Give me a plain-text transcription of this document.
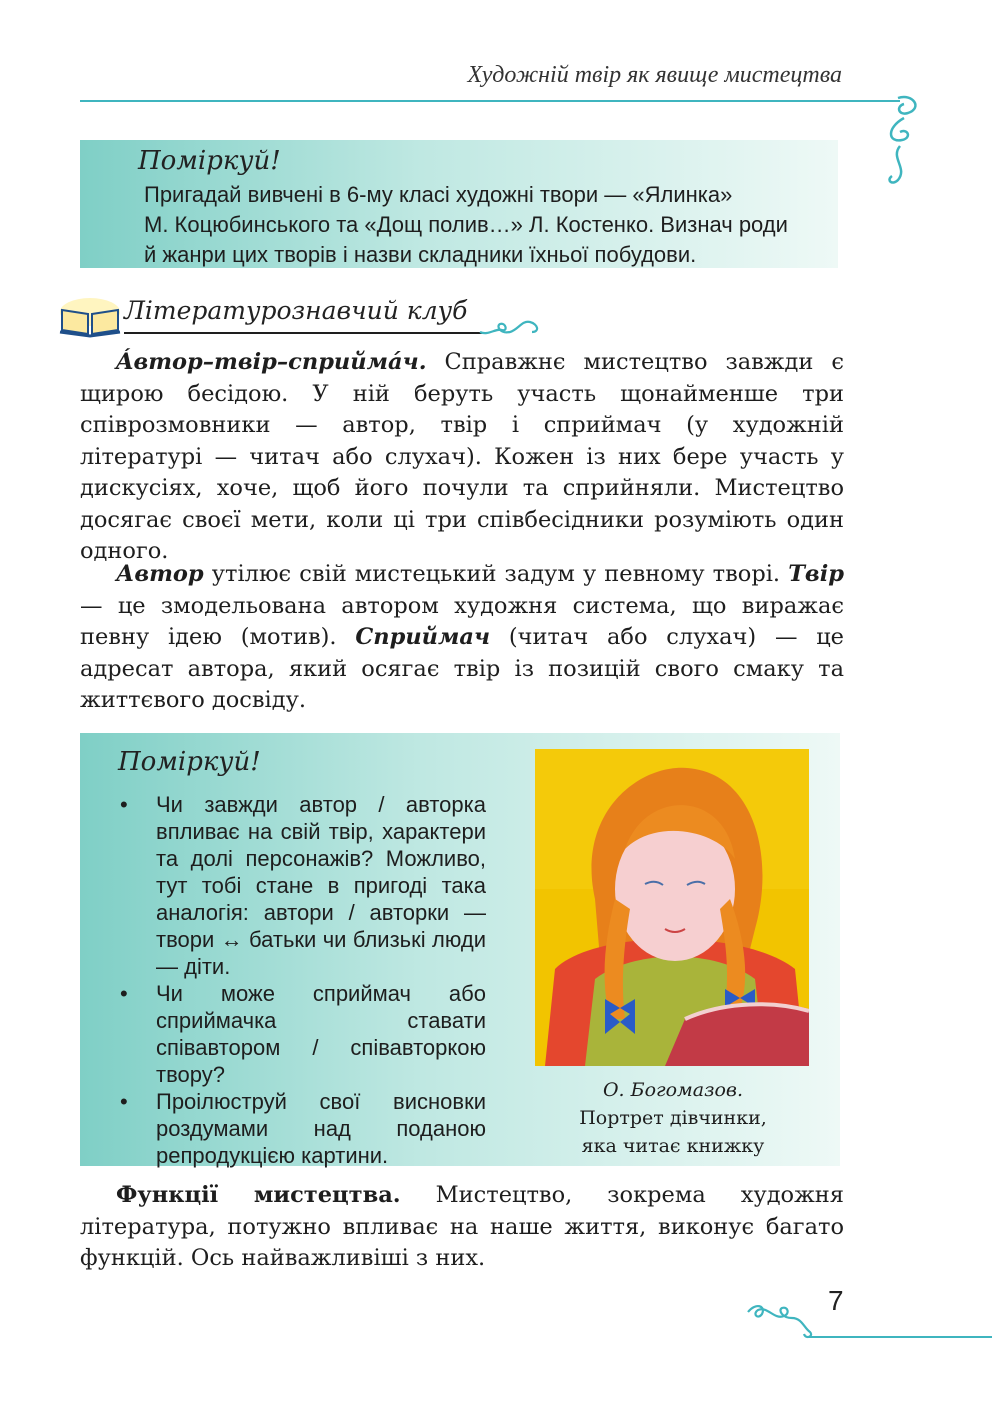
Художній твір як явище мистецтва
Поміркуй!
Пригадай вивчені в 6-му класі художні твори — «Ялинка»
М. Коцюбинського та «Дощ полив…» Л. Костенко. Визнач роди
й жанри цих творів і назви складники їхньої побудови.
Літературознавчий клуб

Áвтор–твір–сприймáч. Справжнє мистецтво завжди є щирою бесідою. У ній беруть участь щонайменше три співрозмовники — автор, твір і сприймач (у художній літературі — читач або слухач). Кожен із них бере участь у дискусіях, хоче, щоб його почули та сприйняли. Мистецтво досягає своєї мети, коли ці три співбесідники розуміють один одного.

Автор утілює свій мистецький задум у певному творі. Твір — це змодельована автором художня система, що виражає певну ідею (мотив). Сприймач (читач або слухач) — це адресат автора, який осягає твір із позицій свого смаку та життєвого досвіду.

Поміркуй!
• Чи завжди автор / авторка впливає на свій твір, характери та долі персонажів? Можливо, тут тобі стане в пригоді така аналогія: автори / авторки — твори ↔ батьки чи близькі люди — діти.
• Чи може сприймач або сприймачка ставати співавтором / співавторкою твору?
• Проілюструй свої висновки роздумами над поданою репродукцією картини.
О. Богомазов.
Портрет дівчинки,
яка читає книжку

Функції мистецтва. Мистецтво, зокрема художня література, потужно впливає на наше життя, виконує багато функцій. Ось найважливіші з них.

7
